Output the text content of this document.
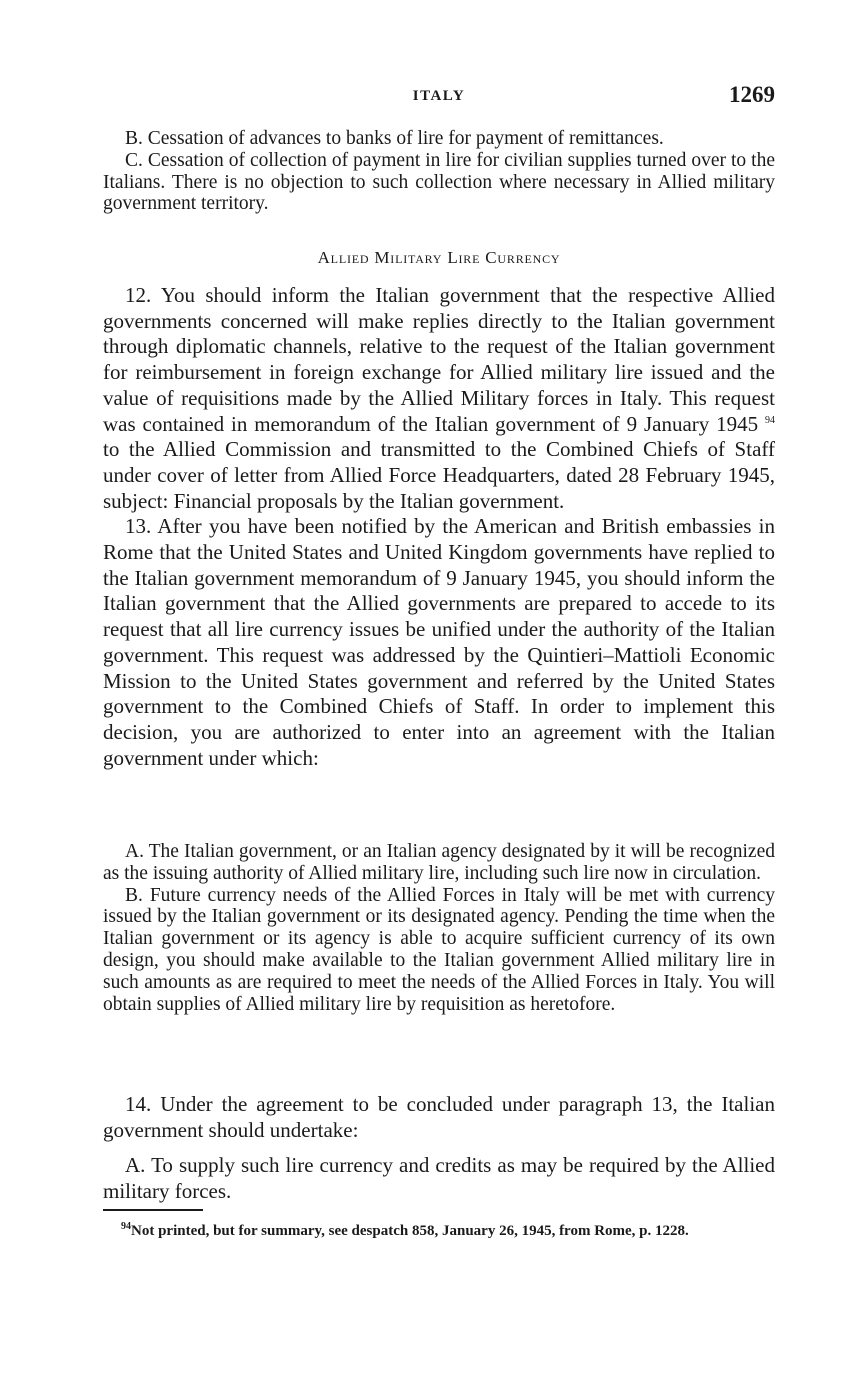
ITALY	1269

B. Cessation of advances to banks of lire for payment of remittances.

C. Cessation of collection of payment in lire for civilian supplies turned over to the Italians. There is no objection to such collection where necessary in Allied military government territory.

Allied Military Lire Currency

12. You should inform the Italian government that the respective Allied governments concerned will make replies directly to the Italian government through diplomatic channels, relative to the request of the Italian government for reimbursement in foreign exchange for Allied military lire issued and the value of requisitions made by the Allied Military forces in Italy. This request was contained in memorandum of the Italian government of 9 January 1945 $^{94}$ to the Allied Commission and transmitted to the Combined Chiefs of Staff under cover of letter from Allied Force Headquarters, dated 28 February 1945, subject: Financial proposals by the Italian government.

13. After you have been notified by the American and British embassies in Rome that the United States and United Kingdom governments have replied to the Italian government memorandum of 9 January 1945, you should inform the Italian government that the Allied governments are prepared to accede to its request that all lire currency issues be unified under the authority of the Italian government. This request was addressed by the Quintieri–Mattioli Economic Mission to the United States government and referred by the United States government to the Combined Chiefs of Staff. In order to implement this decision, you are authorized to enter into an agreement with the Italian government under which:

A. The Italian government, or an Italian agency designated by it will be recognized as the issuing authority of Allied military lire, including such lire now in circulation.

B. Future currency needs of the Allied Forces in Italy will be met with currency issued by the Italian government or its designated agency. Pending the time when the Italian government or its agency is able to acquire sufficient currency of its own design, you should make available to the Italian government Allied military lire in such amounts as are required to meet the needs of the Allied Forces in Italy. You will obtain supplies of Allied military lire by requisition as heretofore.

14. Under the agreement to be concluded under paragraph 13, the Italian government should undertake:

A. To supply such lire currency and credits as may be required by the Allied military forces.

$^{94}$Not printed, but for summary, see despatch 858, January 26, 1945, from Rome, p. 1228.
